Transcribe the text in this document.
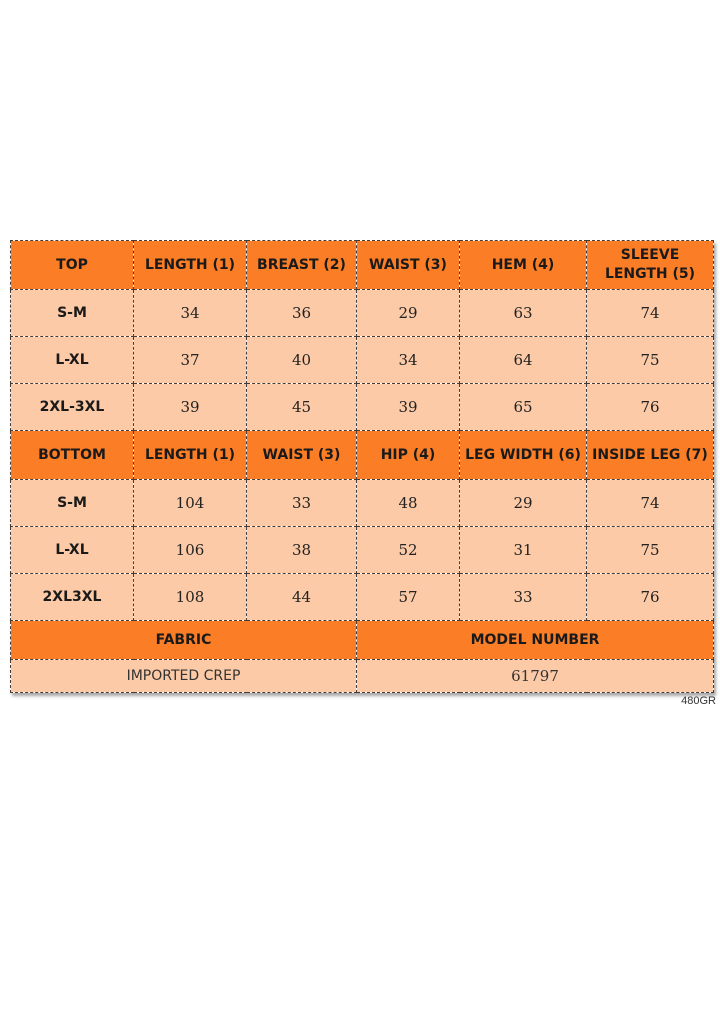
TOP	LENGTH (1)	BREAST (2)	WAIST (3)	HEM (4)	SLEEVE LENGTH (5)
S-M	34	36	29	63	74
L-XL	37	40	34	64	75
2XL-3XL	39	45	39	65	76
BOTTOM	LENGTH (1)	WAIST (3)	HIP (4)	LEG WIDTH (6)	INSIDE LEG (7)
S-M	104	33	48	29	74
L-XL	106	38	52	31	75
2XL3XL	108	44	57	33	76
FABRIC			MODEL NUMBER		
IMPORTED CREP			61797		
480GR
